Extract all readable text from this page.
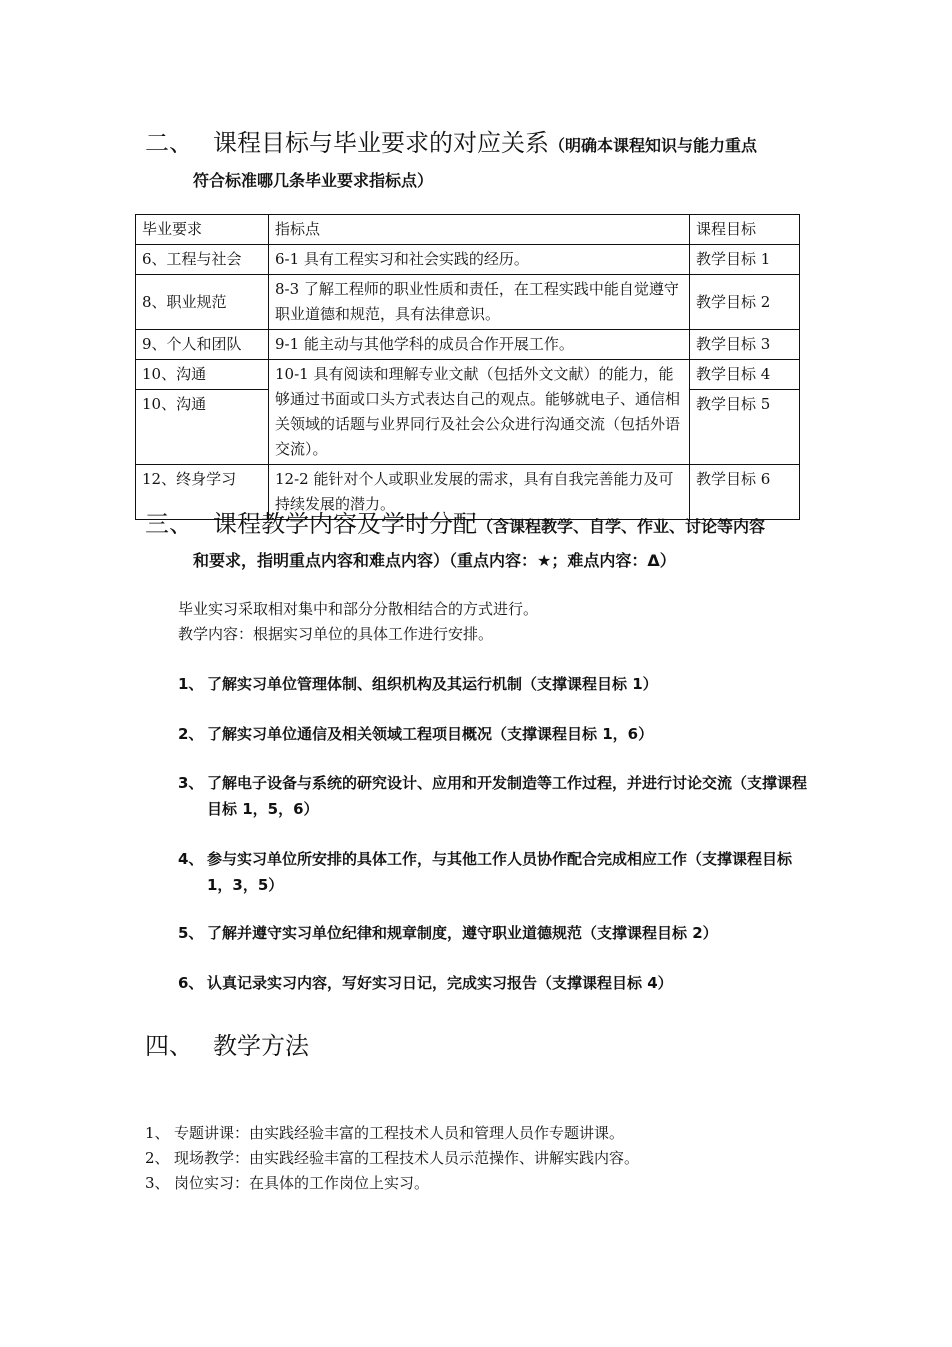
二、 课程目标与毕业要求的对应关系（明确本课程知识与能力重点
符合标准哪几条毕业要求指标点）
毕业要求	指标点	课程目标
6、工程与社会	6-1 具有工程实习和社会实践的经历。	教学目标 1
8、职业规范	8-3 了解工程师的职业性质和责任，在工程实践中能自觉遵守职业道德和规范，具有法律意识。	教学目标 2
9、个人和团队	9-1 能主动与其他学科的成员合作开展工作。	教学目标 3
10、沟通	10-1 具有阅读和理解专业文献（包括外文文献）的能力，能够通过书面或口头方式表达自己的观点。能够就电子、通信相关领域的话题与业界同行及社会公众进行沟通交流（包括外语交流）。	教学目标 4
10、沟通		教学目标 5
12、终身学习	12-2 能针对个人或职业发展的需求，具有自我完善能力及可持续发展的潜力。	教学目标 6
三、 课程教学内容及学时分配（含课程教学、自学、作业、讨论等内容
和要求，指明重点内容和难点内容）（重点内容：★；难点内容：Δ）
毕业实习采取相对集中和部分分散相结合的方式进行。
教学内容：根据实习单位的具体工作进行安排。
1、 了解实习单位管理体制、组织机构及其运行机制（支撑课程目标 1）
2、 了解实习单位通信及相关领域工程项目概况（支撑课程目标 1，6）
3、 了解电子设备与系统的研究设计、应用和开发制造等工作过程，并进行讨论交流（支撑课程目标 1，5，6）
4、 参与实习单位所安排的具体工作，与其他工作人员协作配合完成相应工作（支撑课程目标 1，3，5）
5、 了解并遵守实习单位纪律和规章制度，遵守职业道德规范（支撑课程目标 2）
6、 认真记录实习内容，写好实习日记，完成实习报告（支撑课程目标 4）
四、 教学方法
1、 专题讲课：由实践经验丰富的工程技术人员和管理人员作专题讲课。
2、 现场教学：由实践经验丰富的工程技术人员示范操作、讲解实践内容。
3、 岗位实习：在具体的工作岗位上实习。
